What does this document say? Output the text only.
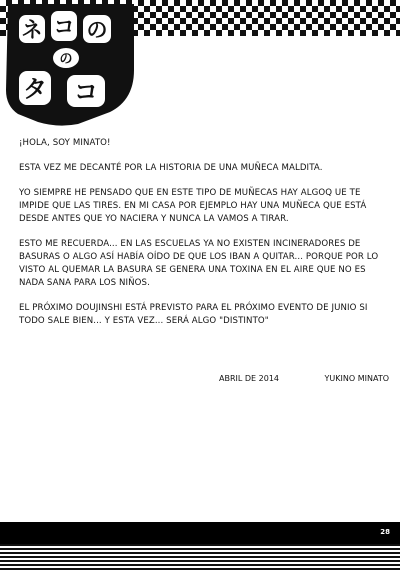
ネ コ の
の
タ コ

¡HOLA, SOY MINATO!

ESTA VEZ ME DECANTÉ POR LA HISTORIA DE UNA MUÑECA MALDITA.

YO SIEMPRE HE PENSADO QUE EN ESTE TIPO DE MUÑECAS HAY ALGOQ UE TE IMPIDE QUE LAS TIRES. EN MI CASA POR EJEMPLO HAY UNA MUÑECA QUE ESTÁ DESDE ANTES QUE YO NACIERA Y NUNCA LA VAMOS A TIRAR.

ESTO ME RECUERDA... EN LAS ESCUELAS YA NO EXISTEN INCINERADORES DE BASURAS O ALGO ASÍ HABÍA OÍDO DE QUE LOS IBAN A QUITAR... PORQUE POR LO VISTO AL QUEMAR LA BASURA SE GENERA UNA TOXINA EN EL AIRE QUE NO ES NADA SANA PARA LOS NIÑOS.

EL PRÓXIMO DOUJINSHI ESTÁ PREVISTO PARA EL PRÓXIMO EVENTO DE JUNIO SI TODO SALE BIEN... Y ESTA VEZ... SERÁ ALGO "DISTINTO"

ABRIL DE 2014	YUKINO MINATO
28
